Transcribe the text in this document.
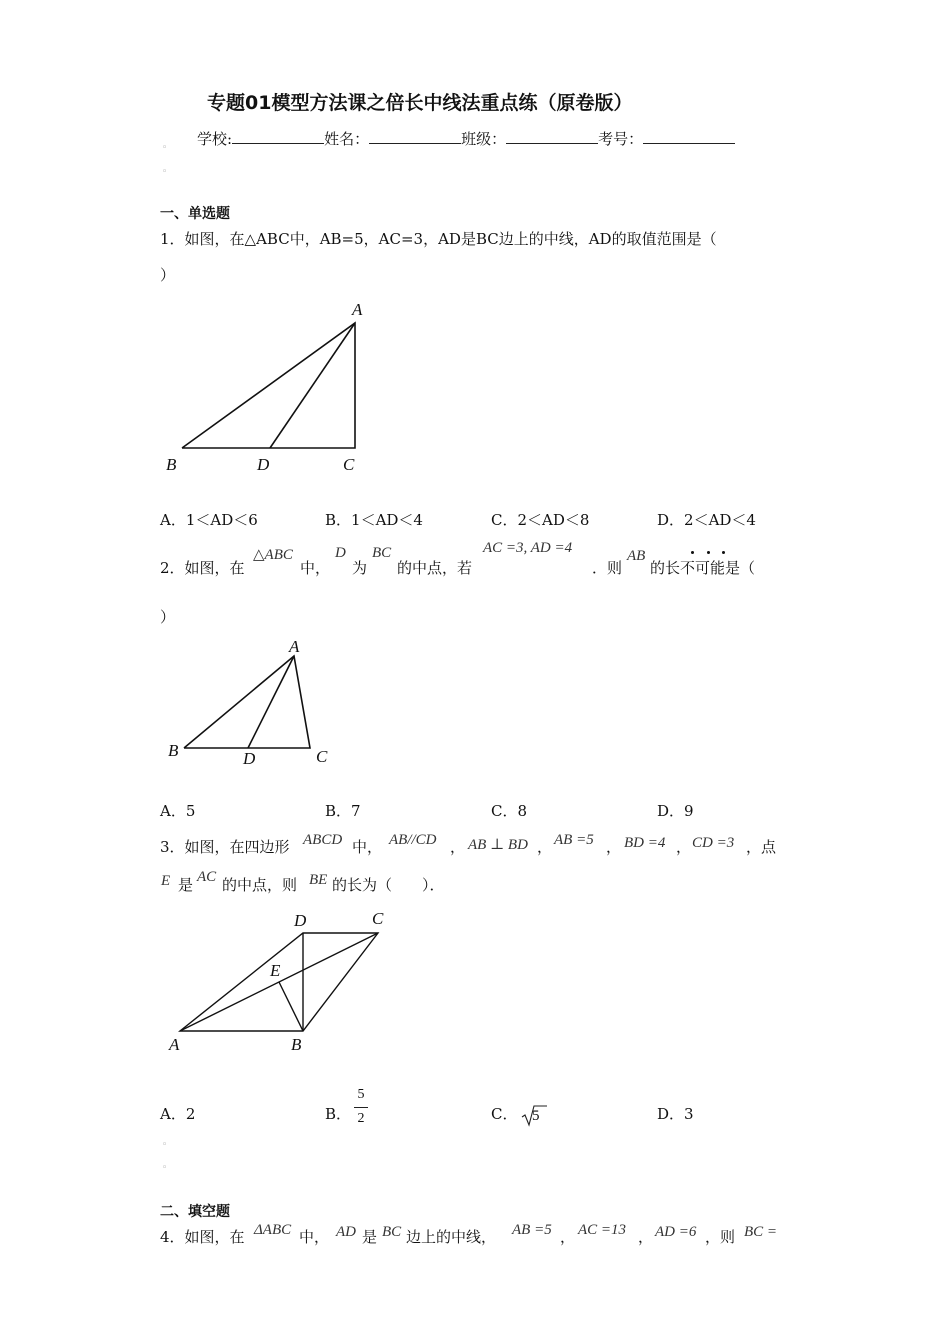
专题01模型方法课之倍长中线法重点练（原卷版）
学校:	姓名：	班级：	考号：
一、单选题
1．如图，在△ABC中，AB=5，AC=3，AD是BC边上的中线，AD的取值范围是（
）
A
B	D	C
A．1＜AD＜6	B．1＜AD＜4	C．2＜AD＜8	D．2＜AD＜4
2．如图，在
△ABC
中，
D
为
BC
的中点，若
AC =3, AD =4
．则
AB
的长不可能是（
）
A
B	D	C
A．5	B．7	C．8	D．9
3．如图，在四边形 ABCD 中， AB//CD ， AB ⊥ BD ， AB =5 ， BD =4 ， CD =3 ，点
E 是 AC 的中点，则 BE 的长为（　　）．
D	C
E
A	B
A．2	B．
5
2	C． 5	D．3
二、填空题
4．如图，在 ΔABC 中， AD 是 BC 边上的中线， AB =5 ， AC =13 ， AD =6 ，则 BC =
◦
◦
◦
◦
